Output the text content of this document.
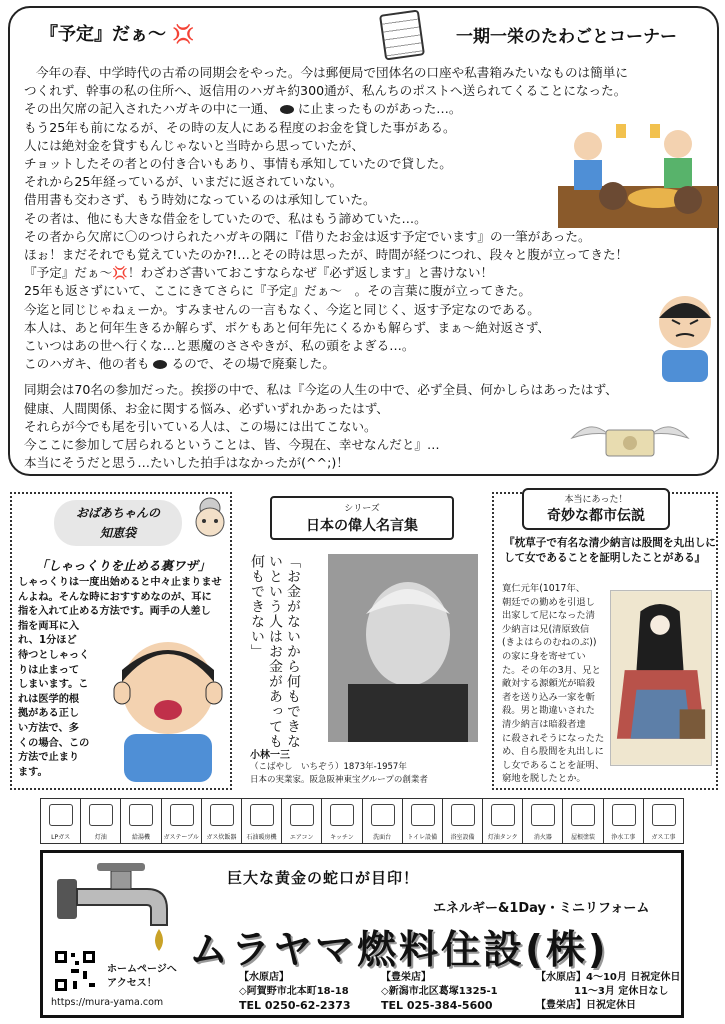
『予定』だぁ～ 💢	一期一栄のたわごとコーナー

今年の春、中学時代の古希の同期会をやった。今は郵便局で団体名の口座や私書箱みたいなものは簡単に

つくれず、幹事の私の住所へ、返信用のハガキ約300通が、私んちのポストへ送られてくることになった。

その出欠席の記入されたハガキの中に一通、 に止まったものがあった…。

もう25年も前になるが、その時の友人にある程度のお金を貸した事がある。

人には絶対金を貸すもんじゃないと当時から思っていたが、

チョットしたその者との付き合いもあり、事情も承知していたので貸した。

それから25年経っているが、いまだに返されていない。

借用書も交わさず、もう時効になっているのは承知していた。

その者は、他にも大きな借金をしていたので、私はもう諦めていた…。

その者から欠席に〇のつけられたハガキの隅に『借りたお金は返す予定でいます』の一筆があった。

ほぉ！まだそれでも覚えていたのか?!…とその時は思ったが、時間が経つにつれ、段々と腹が立ってきた！

『予定』だぁ～💢！わざわざ書いておこすならなぜ『必ず返します』と書けない！

25年も返さずにいて、ここにきてさらに『予定』だぁ～　。その言葉に腹が立ってきた。

今迄と同じじゃねぇーか。すみませんの一言もなく、今迄と同じく、返す予定なのである。

本人は、あと何年生きるか解らず、ボケもあと何年先にくるかも解らず、まぁ～絶対返さず、

こいつはあの世へ行くな…と悪魔のささやきが、私の頭をよぎる…。

このハガキ、他の者も るので、その場で廃棄した。

同期会は70名の参加だった。挨拶の中で、私は『今迄の人生の中で、必ず全員、何かしらはあったはず、

健康、人間関係、お金に関する悩み、必ずいずれかあったはず、

それらが今でも尾を引いている人は、この場には出てこない。

今ここに参加して居られるということは、皆、今現在、幸せなんだと』…

本当にそうだと思う…たいした拍手はなかったが(^^;)！

おばあちゃんの
知恵袋
「しゃっくりを止める裏ワザ」

しゃっくりは一度出始めると中々止まりませ

んよね。そんな時におすすめなのが、耳に

指を入れて止める方法です。両手の人差し

指を両耳に入

れ、1分ほど

待つとしゃっく

りは止まって

しまいます。こ

れは医学的根

拠がある正し

い方法で、多

くの場合、この

方法で止まり

ます。

シリーズ
日本の偉人名言集
「お金がないから何もできないという人はお金があっても何もできない」
小林一三
（こばやし　いちぞう）1873年-1957年
日本の実業家。阪急阪神東宝グループの創業者
本当にあった！
奇妙な都市伝説
『枕草子で有名な清少納言は股間を丸出しにして女であることを証明したことがある』

寛仁元年(1017年、

朝廷での勤めを引退し

出家して尼になった清

少納言は兄(清原致信

(きよはらのむねのぶ))

の家に身を寄せてい

た。その年の3月、兄と

敵対する源頼光が暗殺

者を送り込み一家を斬

殺。男と勘違いされた

清少納言は暗殺者達

に殺されそうになったた

め、自ら股間を丸出しに

し女であることを証明、

窮地を脱したとか。

LPガス	灯油	給湯機	ガステーブル	ガス炊飯器	石油暖房機	エアコン	キッチン	洗面台	トイレ設備	浴室設備	灯油タンク	消火器	屋根塗装	浄水工事	ガス工事
ホームページへ
アクセス！
https://mura-yama.com
巨大な黄金の蛇口が目印！
エネルギー&1Day・ミニリフォーム
ムラヤマ燃料住設(株)
【水原店】
◇阿賀野市北本町18-18
TEL 0250-62-2373
【豊栄店】
◇新潟市北区葛塚1325-1
TEL 025-384-5600
【水原店】4～10月 日祝定休日
11～3月 定休日なし
【豊栄店】日祝定休日
